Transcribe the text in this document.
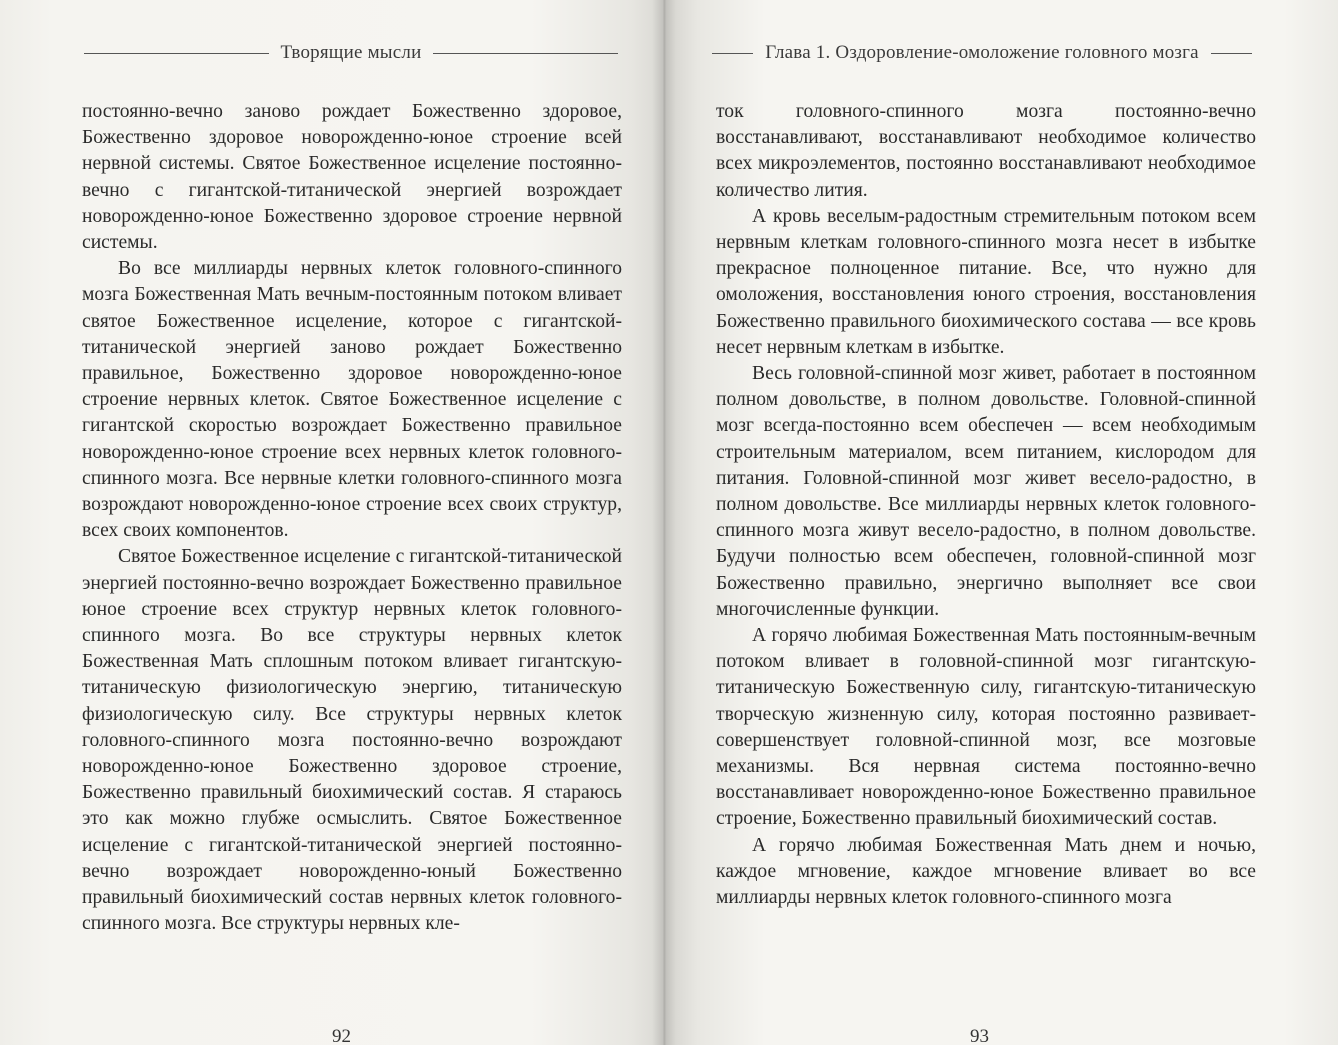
Творящие мысли

постоянно-вечно заново рождает Божественно здоровое, Божественно здоровое новорожденно-юное строение всей нервной системы. Святое Божественное исцеление постоянно-вечно с гигантской-титанической энергией возрождает новорожденно-юное Божественно здоровое строение нервной системы.

Во все миллиарды нервных клеток головного-спинного мозга Божественная Мать вечным-постоянным потоком вливает святое Божественное исцеление, которое с гигантской-титанической энергией заново рождает Божественно правильное, Божественно здоровое новорожденно-юное строение нервных клеток. Святое Божественное исцеление с гигантской скоростью возрождает Божественно правильное новорожденно-юное строение всех нервных клеток головного-спинного мозга. Все нервные клетки головного-спинного мозга возрождают новорожденно-юное строение всех своих структур, всех своих компонентов.

Святое Божественное исцеление с гигантской-титанической энергией постоянно-вечно возрождает Божественно правильное юное строение всех структур нервных клеток головного-спинного мозга. Во все структуры нервных клеток Божественная Мать сплошным потоком вливает гигантскую-титаническую физиологическую энергию, титаническую физиологическую силу. Все структуры нервных клеток головного-спинного мозга постоянно-вечно возрождают новорожденно-юное Божественно здоровое строение, Божественно правильный биохимический состав. Я стараюсь это как можно глубже осмыслить. Святое Божественное исцеление с гигантской-титанической энергией постоянно-вечно возрождает новорожденно-юный Божественно правильный биохимический состав нервных клеток головного-спинного мозга. Все структуры нервных кле-

92
Глава 1. Оздоровление-омоложение головного мозга

ток головного-спинного мозга постоянно-вечно восстанавливают, восстанавливают необходимое количество всех микроэлементов, постоянно восстанавливают необходимое количество лития.

А кровь веселым-радостным стремительным потоком всем нервным клеткам головного-спинного мозга несет в избытке прекрасное полноценное питание. Все, что нужно для омоложения, восстановления юного строения, восстановления Божественно правильного биохимического состава — все кровь несет нервным клеткам в избытке.

Весь головной-спинной мозг живет, работает в постоянном полном довольстве, в полном довольстве. Головной-спинной мозг всегда-постоянно всем обеспечен — всем необходимым строительным материалом, всем питанием, кислородом для питания. Головной-спинной мозг живет весело-радостно, в полном довольстве. Все миллиарды нервных клеток головного-спинного мозга живут весело-радостно, в полном довольстве. Будучи полностью всем обеспечен, головной-спинной мозг Божественно правильно, энергично выполняет все свои многочисленные функции.

А горячо любимая Божественная Мать постоянным-вечным потоком вливает в головной-спинной мозг гигантскую-титаническую Божественную силу, гигантскую-титаническую творческую жизненную силу, которая постоянно развивает-совершенствует головной-спинной мозг, все мозговые механизмы. Вся нервная система постоянно-вечно восстанавливает новорожденно-юное Божественно правильное строение, Божественно правильный биохимический состав.

А горячо любимая Божественная Мать днем и ночью, каждое мгновение, каждое мгновение вливает во все миллиарды нервных клеток головного-спинного мозга

93
